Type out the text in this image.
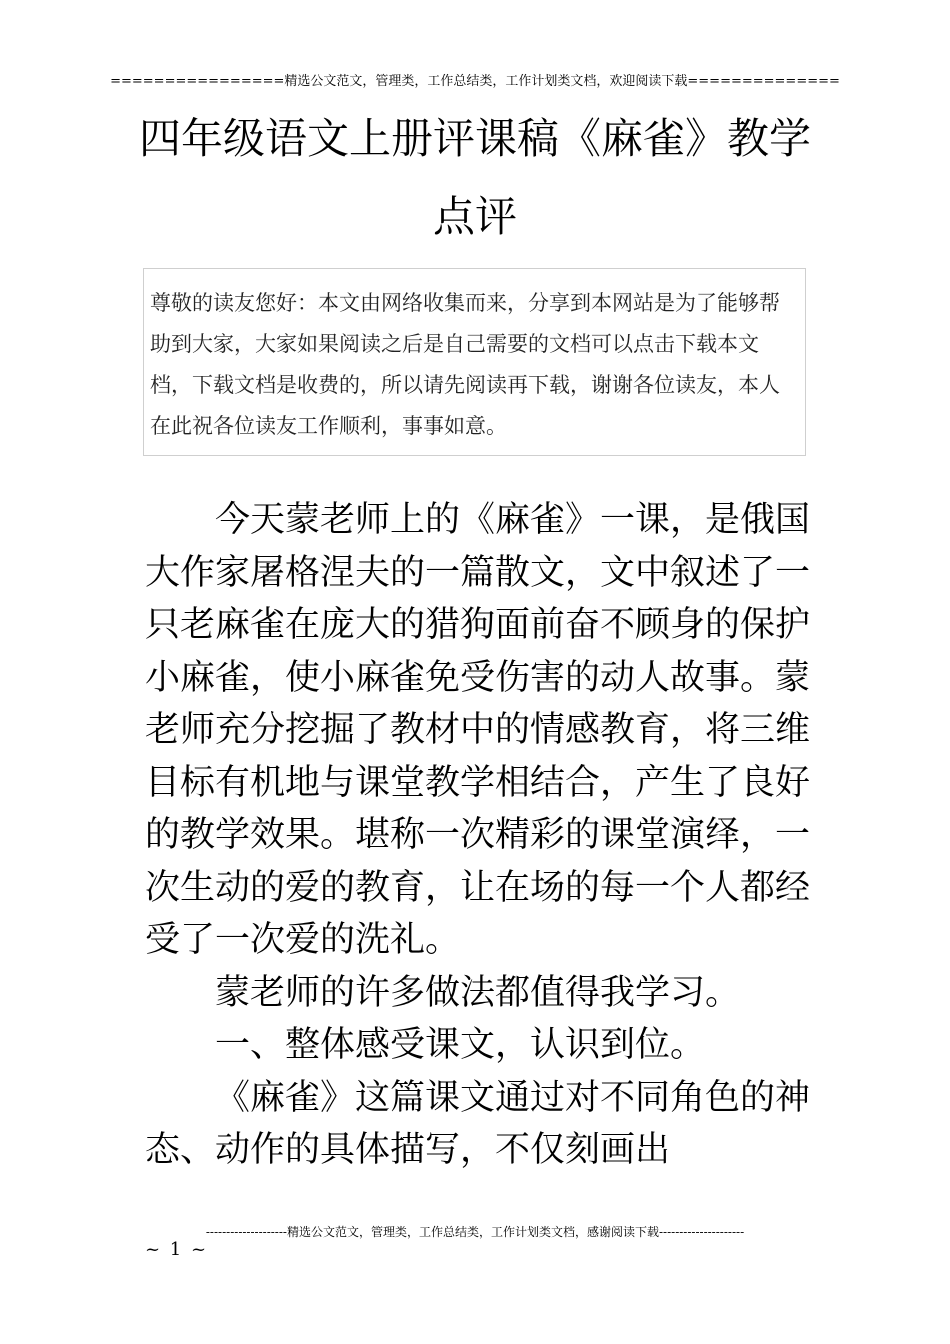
================精选公文范文，管理类，工作总结类，工作计划类文档，欢迎阅读下载==============
四年级语文上册评课稿《麻雀》教学点评
尊敬的读友您好：本文由网络收集而来，分享到本网站是为了能够帮助到大家，大家如果阅读之后是自己需要的文档可以点击下载本文档，下载文档是收费的，所以请先阅读再下载，谢谢各位读友，本人在此祝各位读友工作顺利，事事如意。

今天蒙老师上的《麻雀》一课，是俄国大作家屠格涅夫的一篇散文，文中叙述了一只老麻雀在庞大的猎狗面前奋不顾身的保护小麻雀，使小麻雀免受伤害的动人故事。蒙老师充分挖掘了教材中的情感教育，将三维目标有机地与课堂教学相结合，产生了良好的教学效果。堪称一次精彩的课堂演绎，一次生动的爱的教育，让在场的每一个人都经受了一次爱的洗礼。

蒙老师的许多做法都值得我学习。

一、整体感受课文，认识到位。

《麻雀》这篇课文通过对不同角色的神态、动作的具体描写，不仅刻画出

--------------------精选公文范文，管理类，工作总结类，工作计划类文档，感谢阅读下载---------------------
~ 1 ~
